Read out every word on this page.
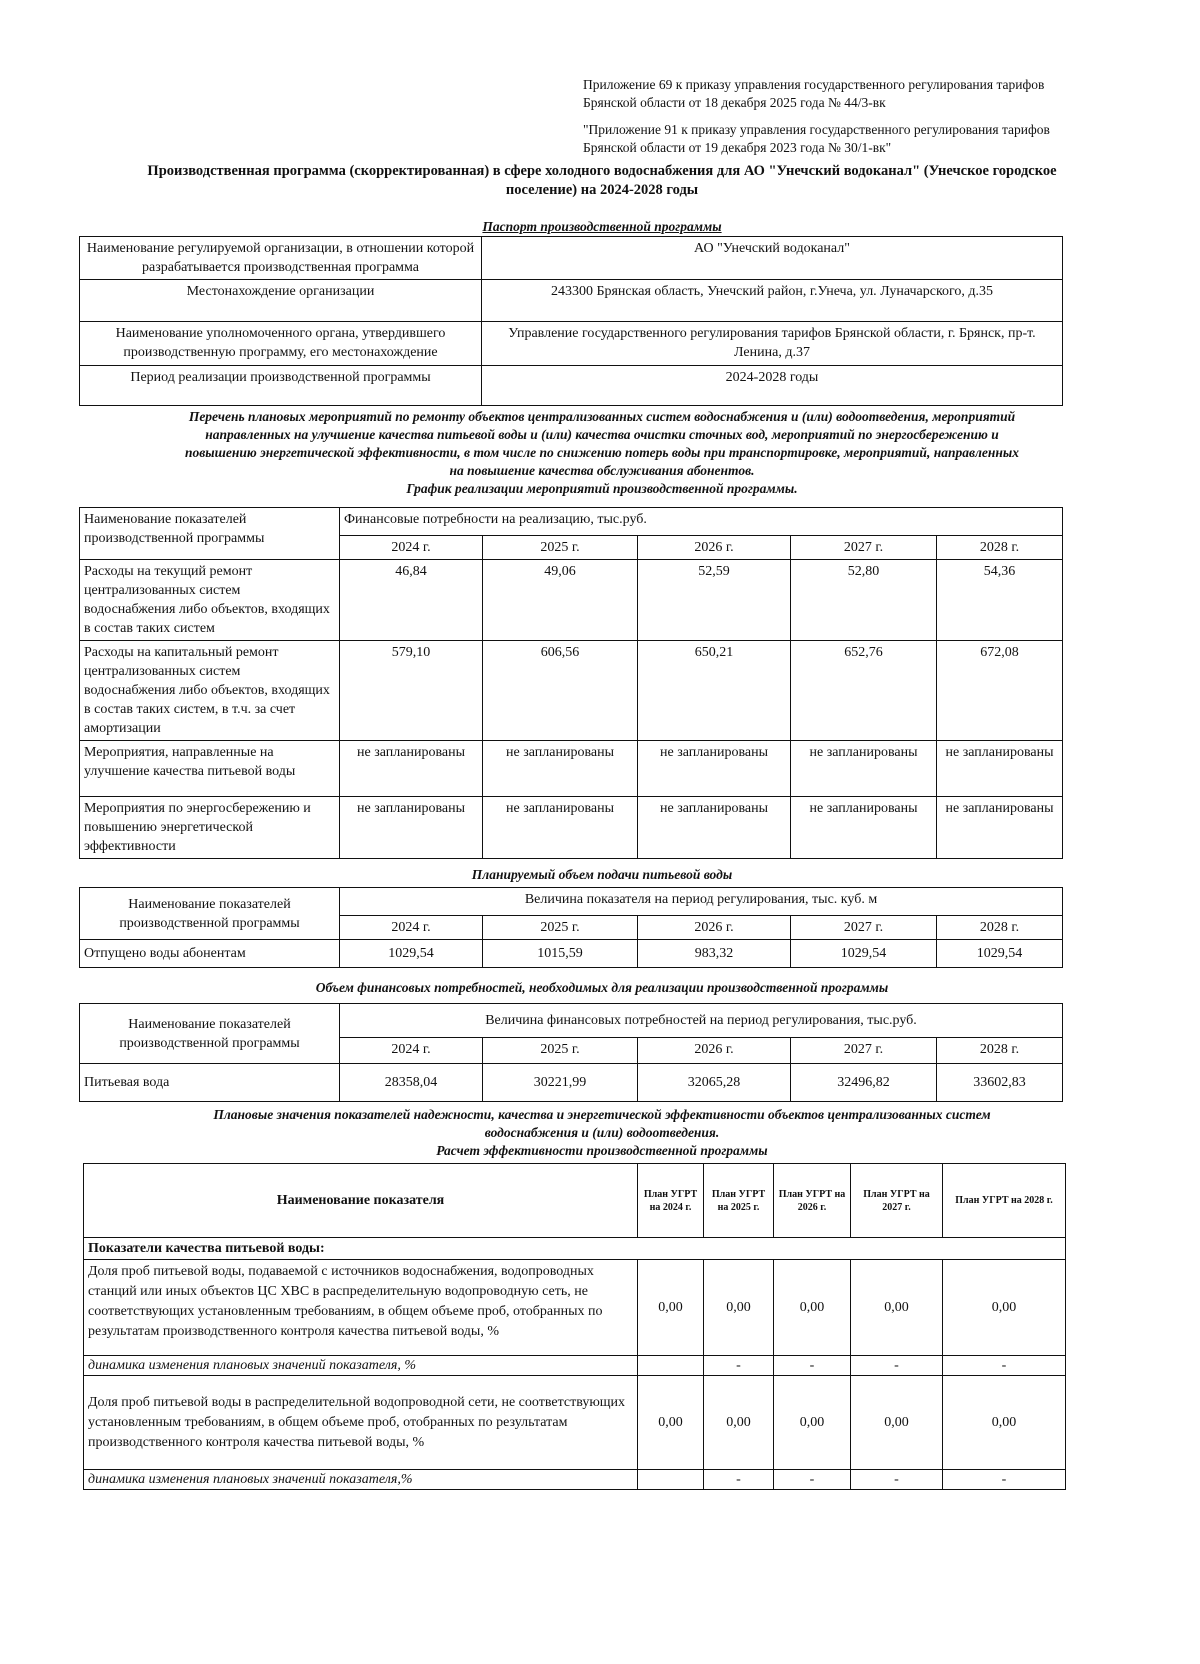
Приложение 69 к приказу управления государственного регулирования тарифов
Брянской области от 18 декабря 2025 года № 44/3-вк
"Приложение 91 к приказу управления государственного регулирования тарифов
Брянской области от 19 декабря 2023 года № 30/1-вк"
Производственная программа (скорректированная) в сфере холодного водоснабжения для АО "Унечский водоканал" (Унечское городское
поселение) на 2024-2028 годы
Паспорт производственной программы
Наименование регулируемой организации, в отношении которой разрабатывается производственная программа	АО "Унечский водоканал"
Местонахождение организации	243300 Брянская область, Унечский район, г.Унеча, ул. Луначарского, д.35
Наименование уполномоченного органа, утвердившего производственную программу, его местонахождение	Управление государственного регулирования тарифов Брянской области, г. Брянск, пр-т. Ленина, д.37
Период реализации производственной программы	2024-2028 годы
Перечень плановых мероприятий по ремонту объектов централизованных систем водоснабжения и (или) водоотведения, мероприятий
направленных на улучшение качества питьевой воды и (или) качества очистки сточных вод, мероприятий по энергосбережению и
повышению энергетической эффективности, в том числе по снижению потерь воды при транспортировке, мероприятий, направленных
на повышение качества обслуживания абонентов.
График реализации мероприятий производственной программы.
Наименование показателей производственной программы	Финансовые потребности на реализацию, тыс.руб.				
	2024 г.	2025 г.	2026 г.	2027 г.	2028 г.
Расходы на текущий ремонт централизованных систем водоснабжения либо объектов, входящих в состав таких систем	46,84	49,06	52,59	52,80	54,36
Расходы на капитальный ремонт централизованных систем водоснабжения либо объектов, входящих в состав таких систем, в т.ч. за счет амортизации	579,10	606,56	650,21	652,76	672,08
Мероприятия, направленные на улучшение качества питьевой воды	не запланированы	не запланированы	не запланированы	не запланированы	не запланированы
Мероприятия по энергосбережению и повышению энергетической эффективности	не запланированы	не запланированы	не запланированы	не запланированы	не запланированы
Планируемый объем подачи питьевой воды
Наименование показателей производственной программы	Величина показателя на период регулирования, тыс. куб. м				
	2024 г.	2025 г.	2026 г.	2027 г.	2028 г.
Отпущено воды абонентам	1029,54	1015,59	983,32	1029,54	1029,54
Объем финансовых потребностей, необходимых для реализации производственной программы
Наименование показателей производственной программы	Величина финансовых потребностей на период регулирования, тыс.руб.				
	2024 г.	2025 г.	2026 г.	2027 г.	2028 г.
Питьевая вода	28358,04	30221,99	32065,28	32496,82	33602,83
Плановые значения показателей надежности, качества и энергетической эффективности объектов централизованных систем
водоснабжения и (или) водоотведения.
Расчет эффективности производственной программы
Наименование показателя	План УГРТ на 2024 г.	План УГРТ на 2025 г.	План УГРТ на 2026 г.	План УГРТ на 2027 г.	План УГРТ на 2028 г.
Показатели качества питьевой воды:					
Доля проб питьевой воды, подаваемой с источников водоснабжения, водопроводных станций или иных объектов ЦС ХВС в распределительную водопроводную сеть, не соответствующих установленным требованиям, в общем объеме проб, отобранных по результатам производственного контроля качества питьевой воды, %	0,00	0,00	0,00	0,00	0,00
динамика изменения плановых значений показателя, %		-	-	-	-
Доля проб питьевой воды в распределительной водопроводной сети, не соответствующих установленным требованиям, в общем объеме проб, отобранных по результатам производственного контроля качества питьевой воды, %	0,00	0,00	0,00	0,00	0,00
динамика изменения плановых значений показателя,%		-	-	-	-
